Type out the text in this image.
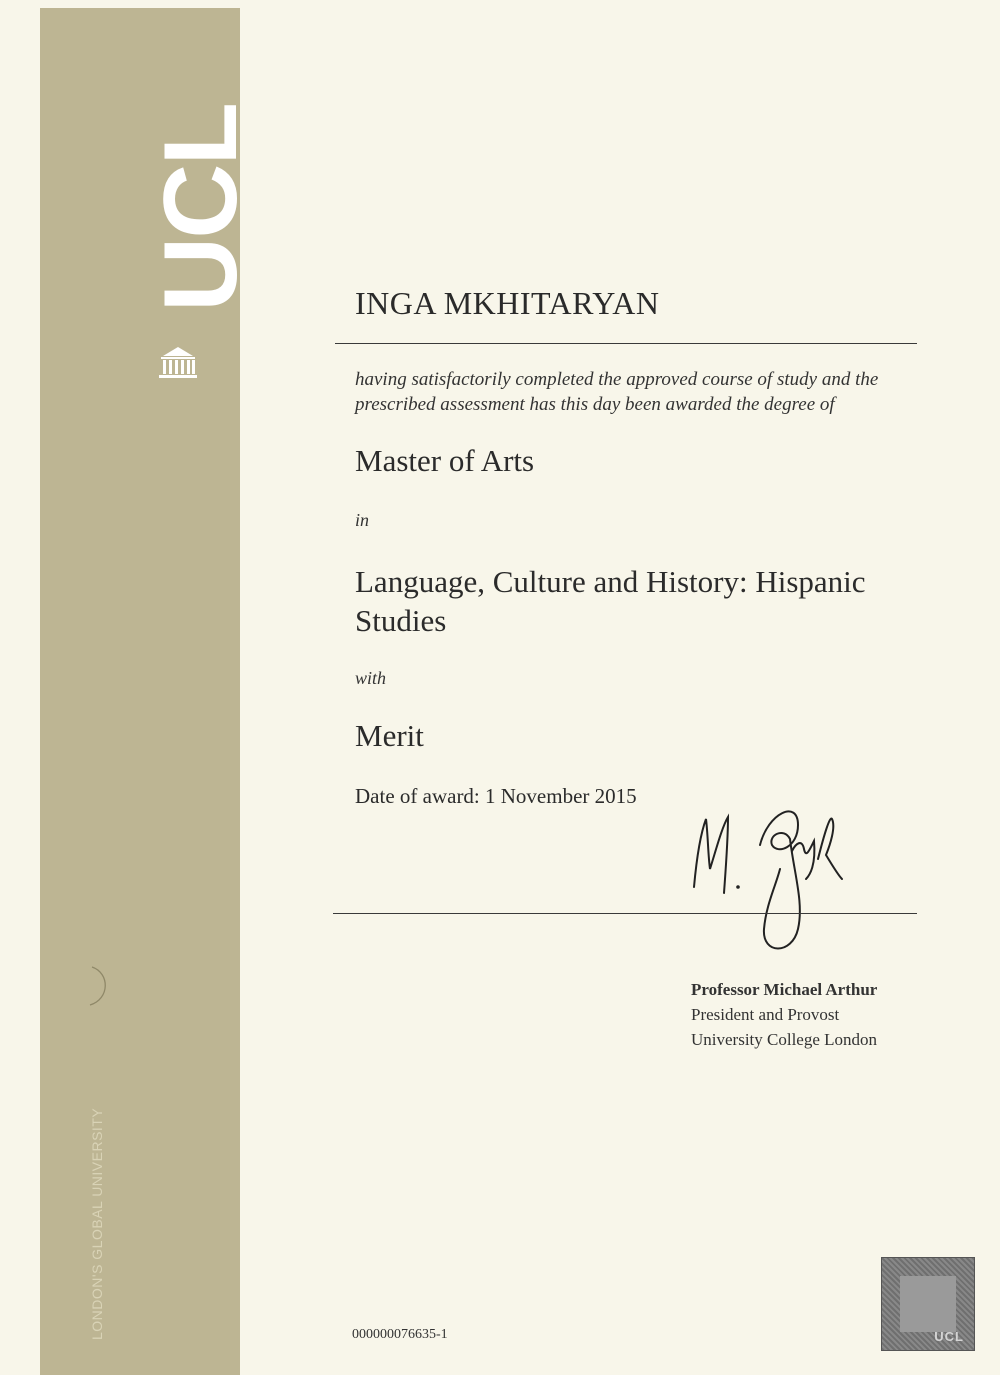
UCL
LONDON'S GLOBAL UNIVERSITY
INGA MKHITARYAN
having satisfactorily completed the approved course of study and the prescribed assessment has this day been awarded the degree of
Master of Arts
in
Language, Culture and History: Hispanic Studies
with
Merit
Date of award: 1 November 2015
Professor Michael Arthur
President and Provost
University College London
000000076635-1	UCL
